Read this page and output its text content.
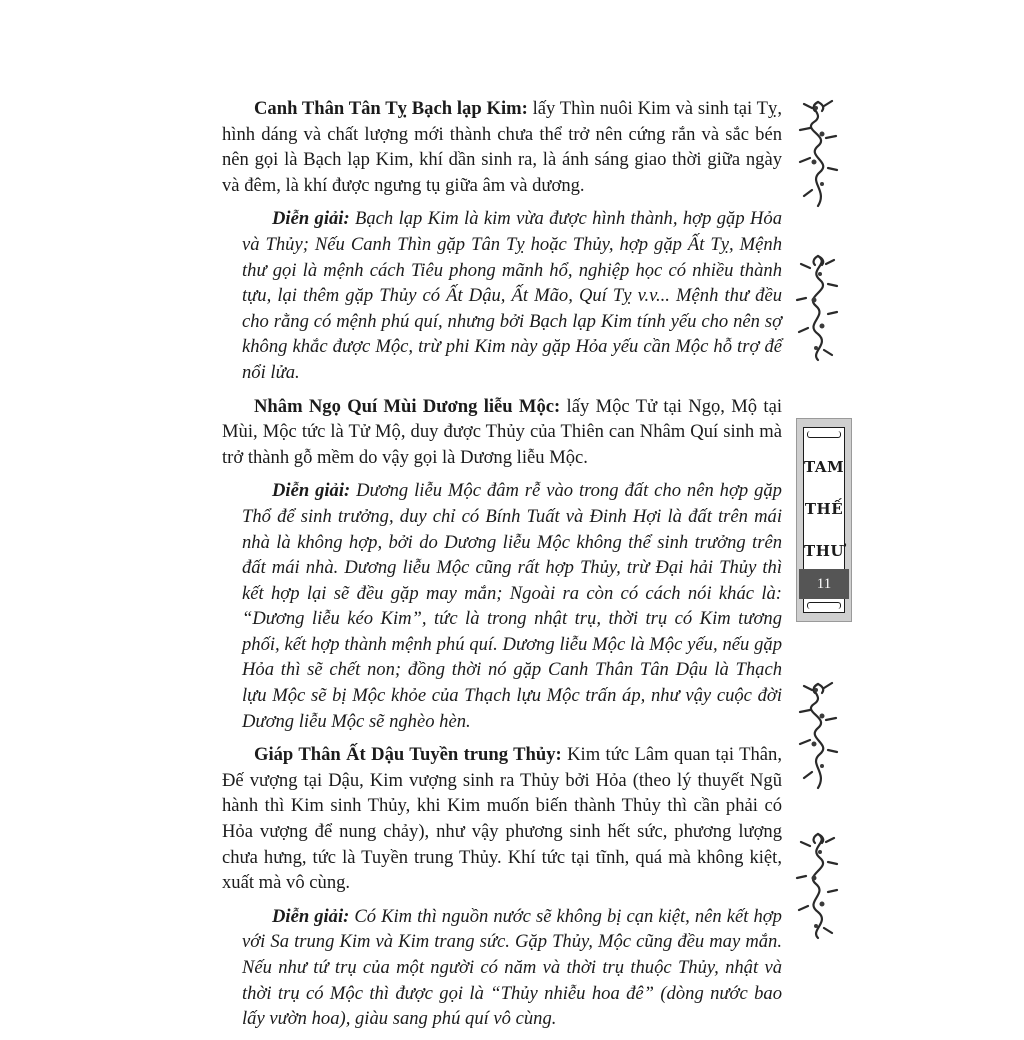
Canh Thân Tân Tỵ Bạch lạp Kim: lấy Thìn nuôi Kim và sinh tại Tỵ, hình dáng và chất lượng mới thành chưa thể trở nên cứng rắn và sắc bén nên gọi là Bạch lạp Kim, khí dần sinh ra, là ánh sáng giao thời giữa ngày và đêm, là khí được ngưng tụ giữa âm và dương.

Diễn giải: Bạch lạp Kim là kim vừa được hình thành, hợp gặp Hỏa và Thủy; Nếu Canh Thìn gặp Tân Tỵ hoặc Thủy, hợp gặp Ất Tỵ, Mệnh thư gọi là mệnh cách Tiêu phong mãnh hổ, nghiệp học có nhiều thành tựu, lại thêm gặp Thủy có Ất Dậu, Ất Mão, Quí Tỵ v.v... Mệnh thư đều cho rằng có mệnh phú quí, nhưng bởi Bạch lạp Kim tính yếu cho nên sợ không khắc được Mộc, trừ phi Kim này gặp Hỏa yếu cần Mộc hỗ trợ để nổi lửa.

Nhâm Ngọ Quí Mùi Dương liễu Mộc: lấy Mộc Tử tại Ngọ, Mộ tại Mùi, Mộc tức là Tử Mộ, duy được Thủy của Thiên can Nhâm Quí sinh mà trở thành gỗ mềm do vậy gọi là Dương liễu Mộc.

Diễn giải: Dương liễu Mộc đâm rễ vào trong đất cho nên hợp gặp Thổ để sinh trưởng, duy chỉ có Bính Tuất và Đinh Hợi là đất trên mái nhà là không hợp, bởi do Dương liễu Mộc không thể sinh trưởng trên đất mái nhà. Dương liễu Mộc cũng rất hợp Thủy, trừ Đại hải Thủy thì kết hợp lại sẽ đều gặp may mắn; Ngoài ra còn có cách nói khác là: “Dương liễu kéo Kim”, tức là trong nhật trụ, thời trụ có Kim tương phối, kết hợp thành mệnh phú quí. Dương liễu Mộc là Mộc yếu, nếu gặp Hỏa thì sẽ chết non; đồng thời nó gặp Canh Thân Tân Dậu là Thạch lựu Mộc sẽ bị Mộc khỏe của Thạch lựu Mộc trấn áp, như vậy cuộc đời Dương liễu Mộc sẽ nghèo hèn.

Giáp Thân Ất Dậu Tuyền trung Thủy: Kim tức Lâm quan tại Thân, Đế vượng tại Dậu, Kim vượng sinh ra Thủy bởi Hỏa (theo lý thuyết Ngũ hành thì Kim sinh Thủy, khi Kim muốn biến thành Thủy thì cần phải có Hỏa vượng để nung chảy), như vậy phương sinh hết sức, phương lượng chưa hưng, tức là Tuyền trung Thủy. Khí tức tại tĩnh, quá mà không kiệt, xuất mà vô cùng.

Diễn giải: Có Kim thì nguồn nước sẽ không bị cạn kiệt, nên kết hợp với Sa trung Kim và Kim trang sức. Gặp Thủy, Mộc cũng đều may mắn. Nếu như tứ trụ của một người có năm và thời trụ thuộc Thủy, nhật và thời trụ có Mộc thì được gọi là “Thủy nhiễu hoa đê” (dòng nước bao lấy vườn hoa), giàu sang phú quí vô cùng.

TAM
THẾ
THƯ
11
